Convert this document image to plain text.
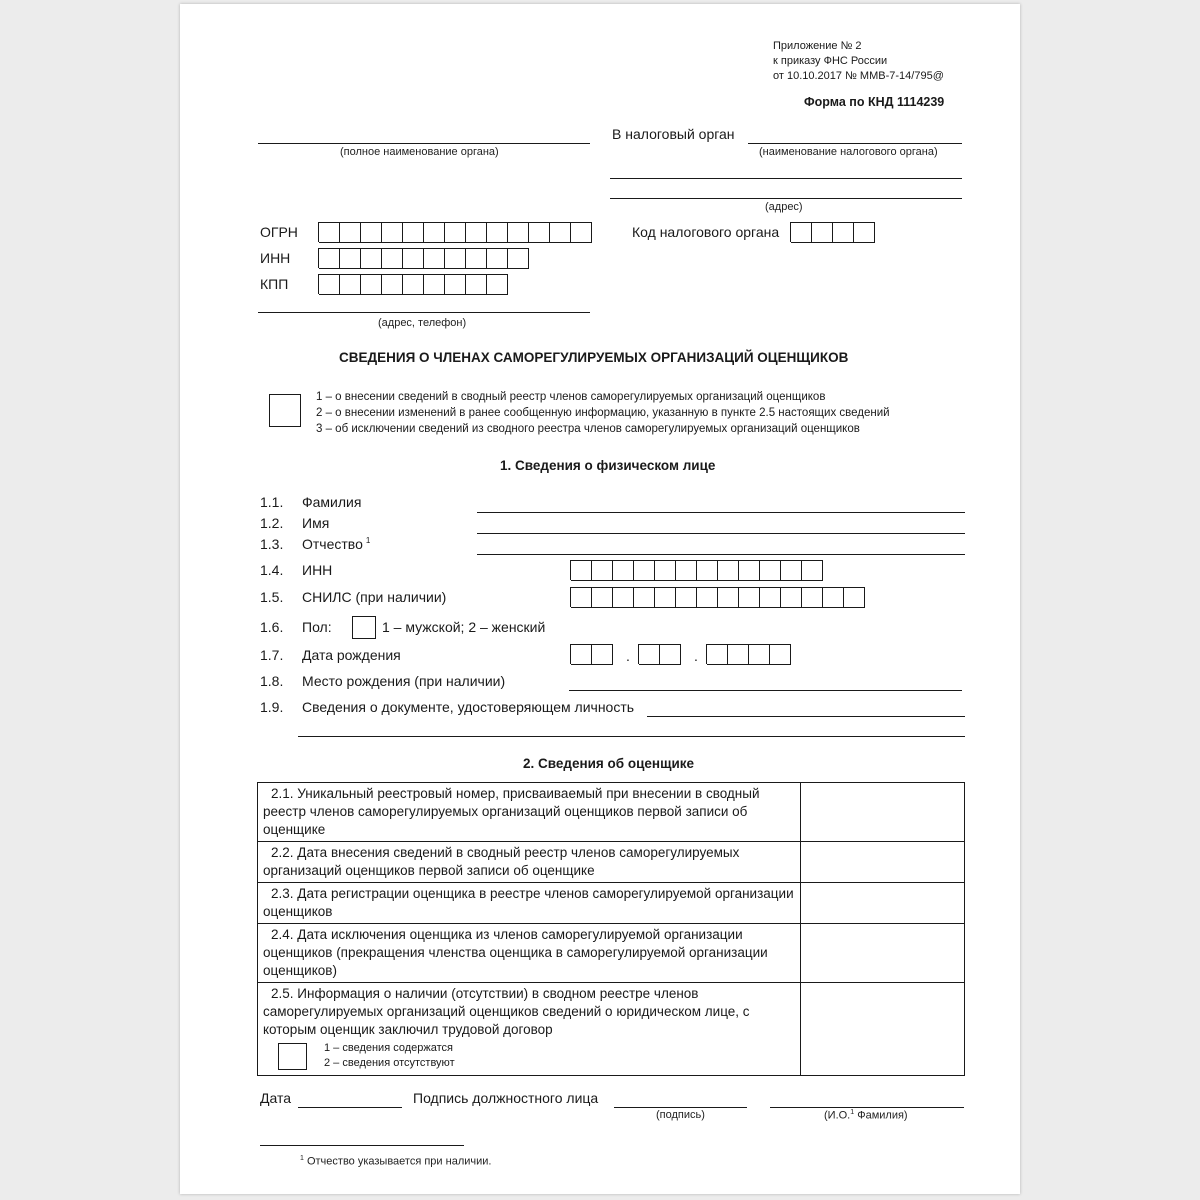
Приложение № 2
к приказу ФНС России
от 10.10.2017 № ММВ-7-14/795@
Форма по КНД 1114239
(полное наименование органа)
В налоговый орган
(наименование налогового органа)
(адрес)
ОГРН
ИНН
КПП
Код налогового органа
(адрес, телефон)
СВЕДЕНИЯ О ЧЛЕНАХ САМОРЕГУЛИРУЕМЫХ ОРГАНИЗАЦИЙ ОЦЕНЩИКОВ
1 – о внесении сведений в сводный реестр членов саморегулируемых организаций оценщиков
2 – о внесении изменений в ранее сообщенную информацию, указанную в пункте 2.5 настоящих сведений
3 – об исключении сведений из сводного реестра членов саморегулируемых организаций оценщиков
1. Сведения о физическом лице
1.1. Фамилия
1.2. Имя
1.3. Отчество $^1$
1.4. ИНН
1.5. СНИЛС (при наличии)
1.6. Пол:	1 – мужской; 2 – женский
1.7. Дата рождения	.	.
1.8. Место рождения (при наличии)
1.9. Сведения о документе, удостоверяющем личность
2. Сведения об оценщике
2.1. Уникальный реестровый номер, присваиваемый при внесении в сводный реестр членов саморегулируемых организаций оценщиков первой записи об оценщике	
2.2. Дата внесения сведений в сводный реестр членов саморегулируемых организаций оценщиков первой записи об оценщике	
2.3. Дата регистрации оценщика в реестре членов саморегулируемой организации оценщиков	
2.4. Дата исключения оценщика из членов саморегулируемой организации оценщиков (прекращения членства оценщика в саморегулируемой организации оценщиков)	

2.5. Информация о наличии (отсутствии) в сводном реестре членов саморегулируемых организаций оценщиков сведений о юридическом лице, с которым оценщик заключил трудовой договор
1 – сведения содержатся
2 – сведения отсутствуют	

Дата	Подпись должностного лица
(подпись)	(И.О.$^1$ Фамилия)
$^1$ Отчество указывается при наличии.
